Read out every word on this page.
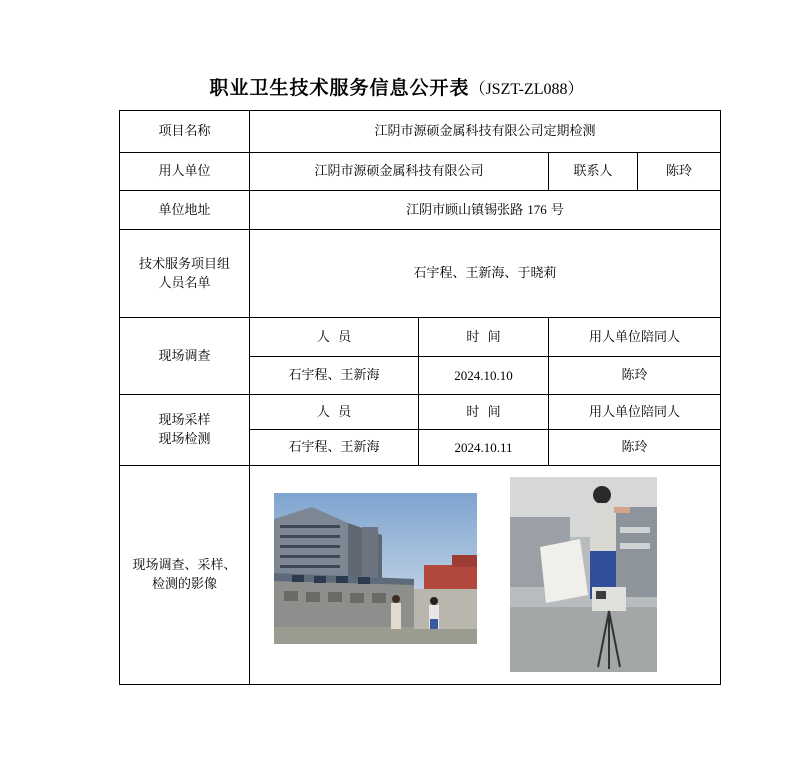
职业卫生技术服务信息公开表（JSZT-ZL088）
项目名称	江阴市源硕金属科技有限公司定期检测			
用人单位	江阴市源硕金属科技有限公司		联系人	陈玲
单位地址	江阴市顾山镇锡张路 176 号			

技术服务项目组
人员名单	石宇程、王新海、于晓莉			
现场调查	人  员	时  间	用人单位陪同人	
	石宇程、王新海	2024.10.10	陈玲	

现场采样
现场检测	人  员	时  间	用人单位陪同人	
	石宇程、王新海	2024.10.11	陈玲	

现场调查、采样、
检测的影像
